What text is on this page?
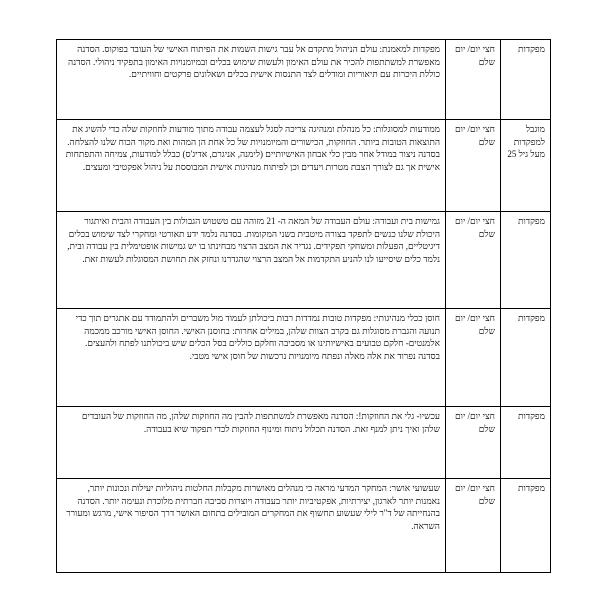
מפקדות	חצי יום/ יום שלם	מפקדות למאמנת: עולם הניהול מתקדם אל עבר גישות השמות את הפיתוח האישי של העובד בפוקוס. הסדנה מאפשרת למשתתפות להכיר את עולם האימון ולעשות שימוש בכלים ובמיומנויות האימון בתפקיד ניהולי. הסדנה כוללת היכרות עם תיאוריות ומודלים לצד התנסות אישית בכלים ושאלונים פרקטים וחוויתיים.
מוגבל למפקדות מעל גיל 25	חצי יום/ יום שלם	ממודעות למסוגלות: כל מנהלת ומנהיגה צריכה לסגל לעצמה עבודה מתוך מודעות לחוזקות שלה כדי להשיג את התוצאות הטובות ביותר. החוזקות, הכישורים והמיומנויות של כל אחת הן המהות ואת מקור הכוח שלנו להצלחה. בסדנה ניצור במודל אחר מבין כלי אבחון האישיותיים (לימנה, אניגרם, אדיג'ס) כבלל למודעות, צמיחה והתפתחות אישית אך גם לצורך הצבת מטרות ויעדים וכן לפיתוח מנהיגות אישית המבוססת על ניהול אפקטיבי ומעצים.
מפקדות	חצי יום/ יום שלם	גמישות בית ועבודה: עולם העבודה של המאה ה- 21 מזוהה עם טשטוש הגבולות בין העבודה והבית ואיתגור היכולת שלנו כנשים לתפקד בצורה מיטבית בשני המקומות. בסדנה נלמד ידע תאורטי ומחקרי לצד שימוש בכלים דיגיטליים, הפעלות ומשחקי תפקידים. נגדיר את המצב הרצוי מבחינתו בו יש גמישות אופטימלית בין עבודה ובית, נלמד כלים שיסייעו לנו להניע התקדמות אל המצב הרצוי שהגדרנו ונחזק את תחושת המסוגלות לעשות זאת.
מפקדות	חצי יום/ יום שלם	חוסן ככלי מנהיגותי: מפקדות טובות נמדדות רבות ביכולתן לעמוד מול משברים ולהתמודד עם אתגרים תוך כדי תנועה והגברת מסוגלות גם בקרב הצוות שלהן, במילים אחרות: בחוסנן האישי. החוסן האישי מורכב ממכמה אלמנטים- חלקם טבועים באישיותינו או מסביבה וחלקם כוללים בסל הכלים שיש ביכולתנו לפתח ולהעצים. בסדנה נפרוד את אלה מאלה ונפתח מיומנויות נרכשות של חוסן אישי מטבי.
מפקדות	חצי יום/ יום שלם	עכשיו- גלי את החוזקות!: הסדנה מאפשרת למשתתפות להבין מה החוזקות שלהן, מה החוזקות של העובדים שלהן ואיך ניתן למנף זאת. הסדנה תכלול ניתוח ומינוף החוזקות לכדי תפקוד שיא בעבודה.
מפקדות	חצי יום/ יום שלם	שעשועי אושר: המחקר המדעי מראה כי מנהלים מאושרות מקבלות החלטות ניהוליות יעילות ונכונות יותר, נאמנות יותר לארגון, יצירתיות, אפקטיביות יותר בעבודה ויוצרות סביבה חברתית מלוכדת ונעימה יותר. הסדנה בהנחייתה של ד"ר לילי שעשוע תחשוף את המחקרים המובילים בתחום האושר דרך הסיפור אישי, מרגש ומעורר השראה.
